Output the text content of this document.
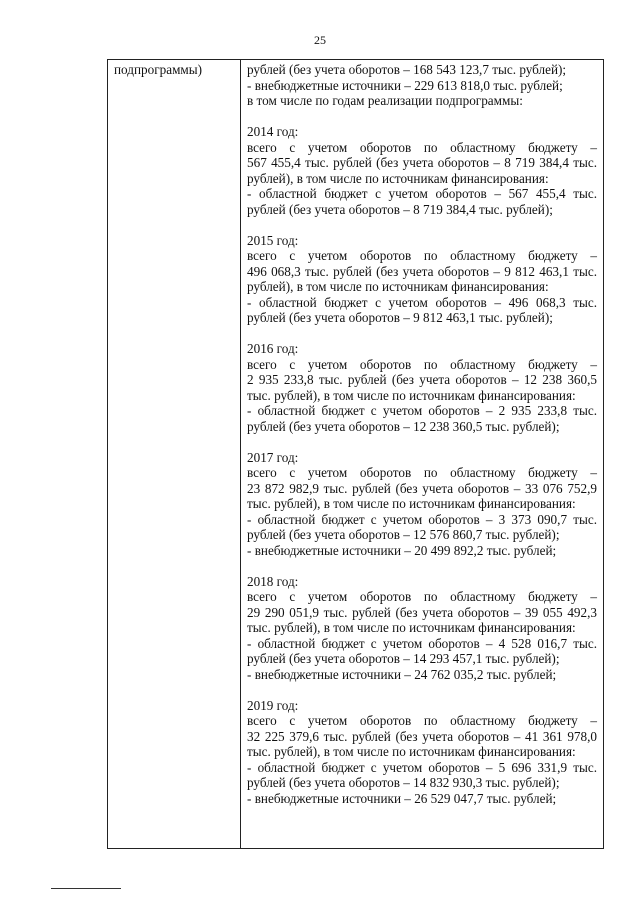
25
подпрограммы)	рублей (без учета оборотов – 168 543 123,7 тыс. рублей);
- внебюджетные источники – 229 613 818,0 тыс. рублей;
в том числе по годам реализации подпрограммы:
2014 год:
всего с учетом оборотов по областному бюджету –
567 455,4 тыс. рублей (без учета оборотов – 8 719 384,4 тыс.
рублей), в том числе по источникам финансирования:
- областной бюджет с учетом оборотов – 567 455,4 тыс.
рублей (без учета оборотов – 8 719 384,4 тыс. рублей);
2015 год:
всего с учетом оборотов по областному бюджету –
496 068,3 тыс. рублей (без учета оборотов – 9 812 463,1 тыс.
рублей), в том числе по источникам финансирования:
- областной бюджет с учетом оборотов – 496 068,3 тыс.
рублей (без учета оборотов – 9 812 463,1 тыс. рублей);
2016 год:
всего с учетом оборотов по областному бюджету –
2 935 233,8 тыс. рублей (без учета оборотов – 12 238 360,5
тыс. рублей), в том числе по источникам финансирования:
- областной бюджет с учетом оборотов – 2 935 233,8 тыс.
рублей (без учета оборотов – 12 238 360,5 тыс. рублей);
2017 год:
всего с учетом оборотов по областному бюджету –
23 872 982,9 тыс. рублей (без учета оборотов – 33 076 752,9
тыс. рублей), в том числе по источникам финансирования:
- областной бюджет с учетом оборотов – 3 373 090,7 тыс.
рублей (без учета оборотов – 12 576 860,7 тыс. рублей);
- внебюджетные источники – 20 499 892,2 тыс. рублей;
2018 год:
всего с учетом оборотов по областному бюджету –
29 290 051,9 тыс. рублей (без учета оборотов – 39 055 492,3
тыс. рублей), в том числе по источникам финансирования:
- областной бюджет с учетом оборотов – 4 528 016,7 тыс.
рублей (без учета оборотов – 14 293 457,1 тыс. рублей);
- внебюджетные источники – 24 762 035,2 тыс. рублей;
2019 год:
всего с учетом оборотов по областному бюджету –
32 225 379,6 тыс. рублей (без учета оборотов – 41 361 978,0
тыс. рублей), в том числе по источникам финансирования:
- областной бюджет с учетом оборотов – 5 696 331,9 тыс.
рублей (без учета оборотов – 14 832 930,3 тыс. рублей);
- внебюджетные источники – 26 529 047,7 тыс. рублей;
